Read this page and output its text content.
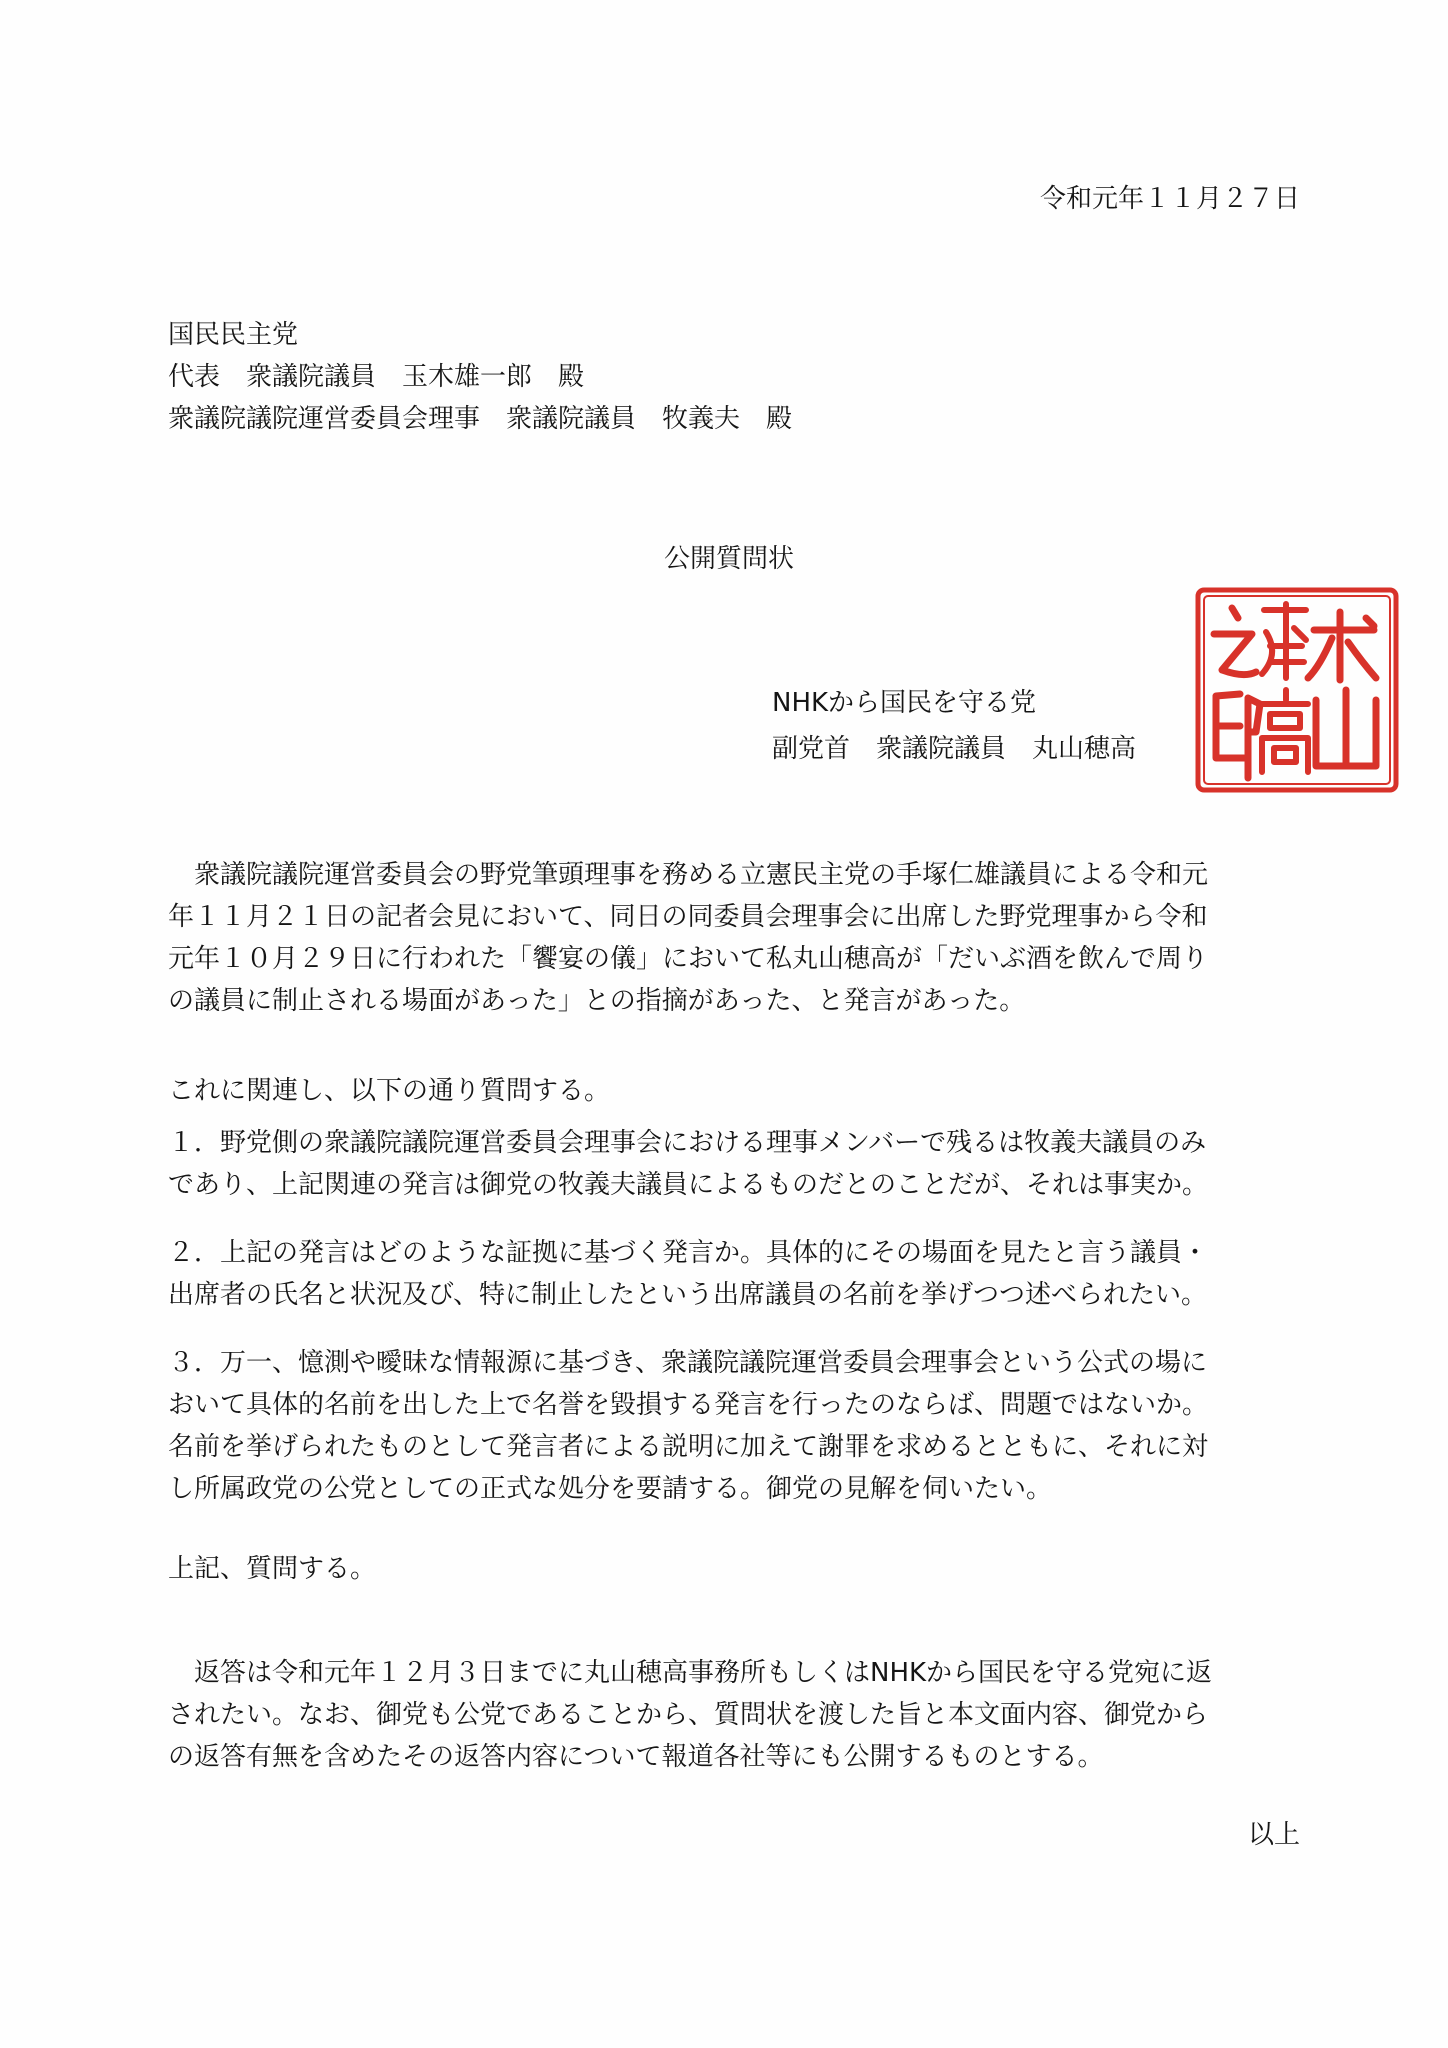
令和元年１１月２７日
国民民主党
代表　衆議院議員　玉木雄一郎　殿
衆議院議院運営委員会理事　衆議院議員　牧義夫　殿
公開質問状
NHKから国民を守る党
副党首　衆議院議員　丸山穂高
　衆議院議院運営委員会の野党筆頭理事を務める立憲民主党の手塚仁雄議員による令和元
年１１月２１日の記者会見において、同日の同委員会理事会に出席した野党理事から令和
元年１０月２９日に行われた「饗宴の儀」において私丸山穂高が「だいぶ酒を飲んで周り
の議員に制止される場面があった」との指摘があった、と発言があった。
これに関連し、以下の通り質問する。
１．野党側の衆議院議院運営委員会理事会における理事メンバーで残るは牧義夫議員のみ
であり、上記関連の発言は御党の牧義夫議員によるものだとのことだが、それは事実か。
２．上記の発言はどのような証拠に基づく発言か。具体的にその場面を見たと言う議員・
出席者の氏名と状況及び、特に制止したという出席議員の名前を挙げつつ述べられたい。
３．万一、憶測や曖昧な情報源に基づき、衆議院議院運営委員会理事会という公式の場に
おいて具体的名前を出した上で名誉を毀損する発言を行ったのならば、問題ではないか。
名前を挙げられたものとして発言者による説明に加えて謝罪を求めるとともに、それに対
し所属政党の公党としての正式な処分を要請する。御党の見解を伺いたい。
上記、質問する。
　返答は令和元年１２月３日までに丸山穂高事務所もしくはNHKから国民を守る党宛に返
されたい。なお、御党も公党であることから、質問状を渡した旨と本文面内容、御党から
の返答有無を含めたその返答内容について報道各社等にも公開するものとする。
以上
